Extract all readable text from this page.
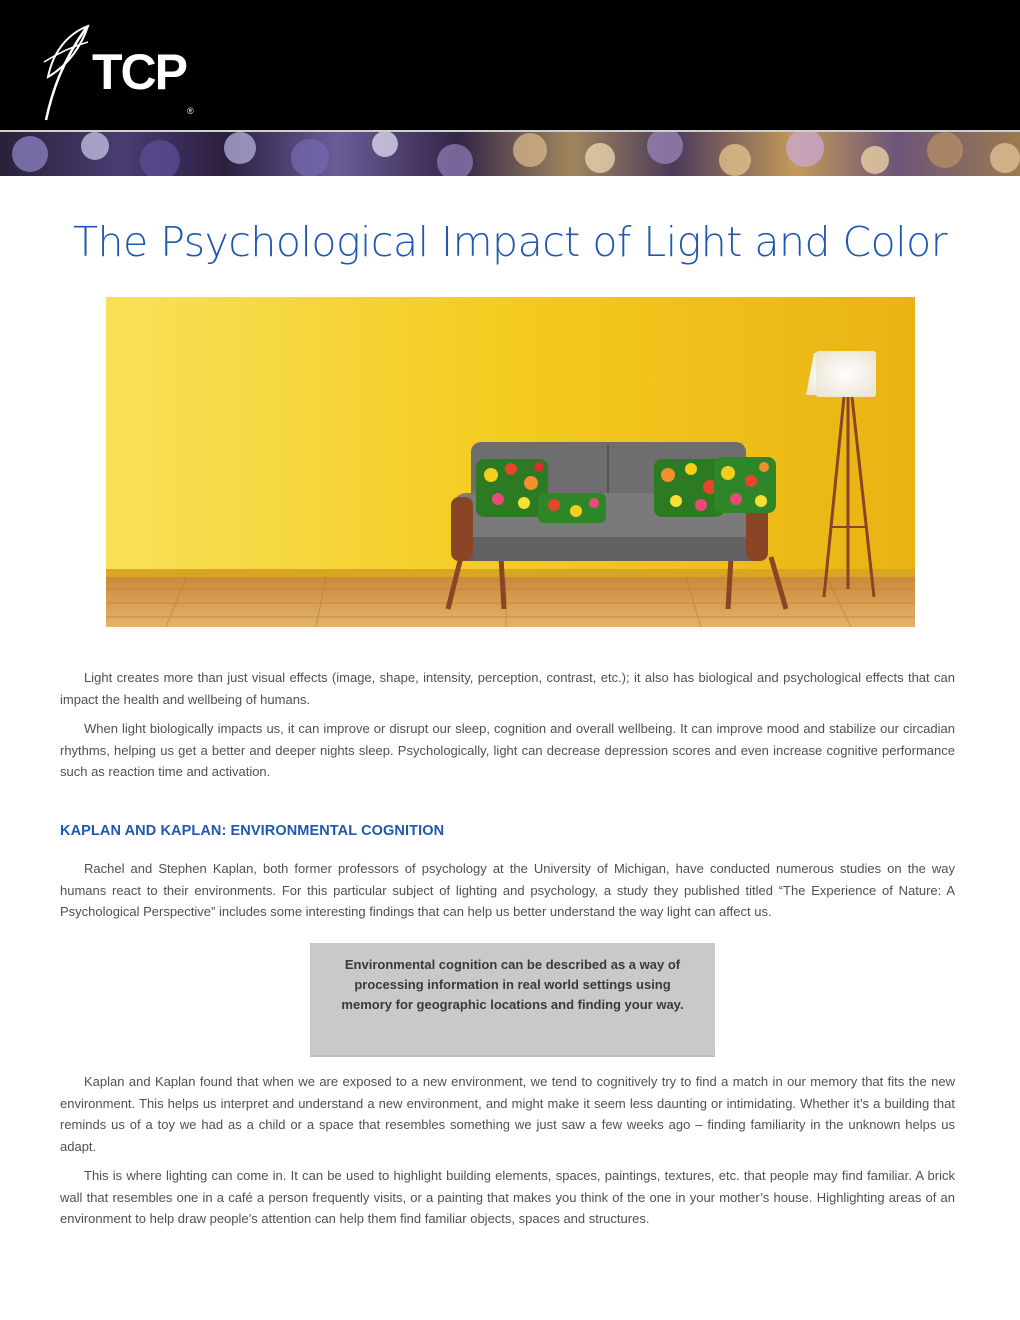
TCP
®
The Psychological Impact of Light and Color

Light creates more than just visual effects (image, shape, intensity, perception, contrast, etc.); it also has biological and psychological effects that can impact the health and wellbeing of humans.

When light biologically impacts us, it can improve or disrupt our sleep, cognition and overall wellbeing. It can improve mood and stabilize our circadian rhythms, helping us get a better and deeper nights sleep. Psychologically, light can decrease depression scores and even increase cognitive performance such as reaction time and activation.

KAPLAN AND KAPLAN: ENVIRONMENTAL COGNITION

Rachel and Stephen Kaplan, both former professors of psychology at the University of Michigan, have conducted numerous studies on the way humans react to their environments. For this particular subject of lighting and psychology, a study they published titled “The Experience of Nature: A Psychological Perspective” includes some interesting findings that can help us better understand the way light can affect us.

Environmental cognition can be described as a way of processing information in real world settings using memory for geographic locations and finding your way.

Kaplan and Kaplan found that when we are exposed to a new environment, we tend to cognitively try to find a match in our memory that fits the new environment. This helps us interpret and understand a new environment, and might make it seem less daunting or intimidating. Whether it’s a building that reminds us of a toy we had as a child or a space that resembles something we just saw a few weeks ago – finding familiarity in the unknown helps us adapt.

This is where lighting can come in. It can be used to highlight building elements, spaces, paintings, textures, etc. that people may find familiar. A brick wall that resembles one in a café a person frequently visits, or a painting that makes you think of the one in your mother’s house. Highlighting areas of an environment to help draw people’s attention can help them find familiar objects, spaces and structures.
